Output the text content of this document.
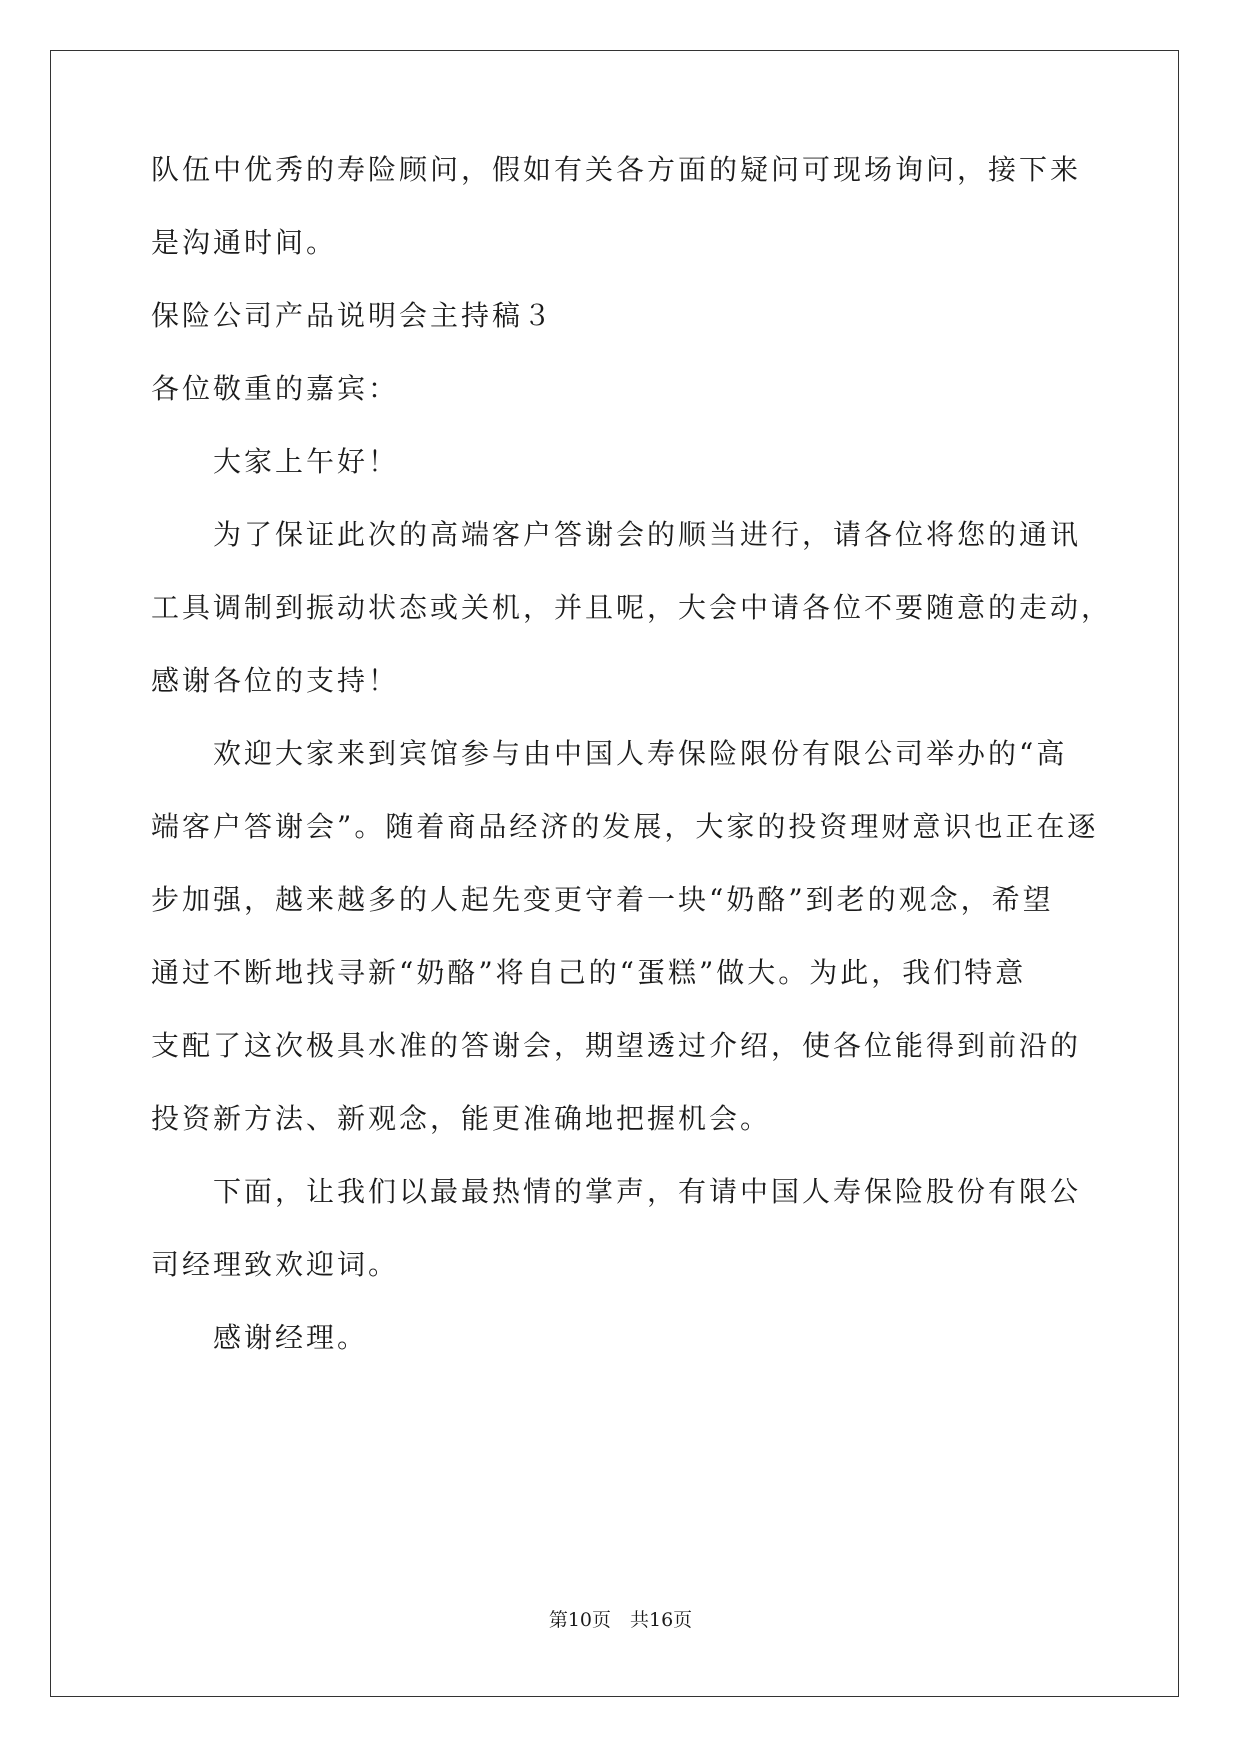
队伍中优秀的寿险顾问，假如有关各方面的疑问可现场询问，接下来
是沟通时间。
保险公司产品说明会主持稿３
各位敬重的嘉宾：
大家上午好！
为了保证此次的高端客户答谢会的顺当进行，请各位将您的通讯
工具调制到振动状态或关机，并且呢，大会中请各位不要随意的走动，
感谢各位的支持！
欢迎大家来到宾馆参与由中国人寿保险限份有限公司举办的“高
端客户答谢会”。随着商品经济的发展，大家的投资理财意识也正在逐
步加强，越来越多的人起先变更守着一块“奶酪”到老的观念，希望
通过不断地找寻新“奶酪”将自己的“蛋糕”做大。为此，我们特意
支配了这次极具水准的答谢会，期望透过介绍，使各位能得到前沿的
投资新方法、新观念，能更准确地把握机会。
下面，让我们以最最热情的掌声，有请中国人寿保险股份有限公
司经理致欢迎词。
感谢经理。
第10页　共16页
